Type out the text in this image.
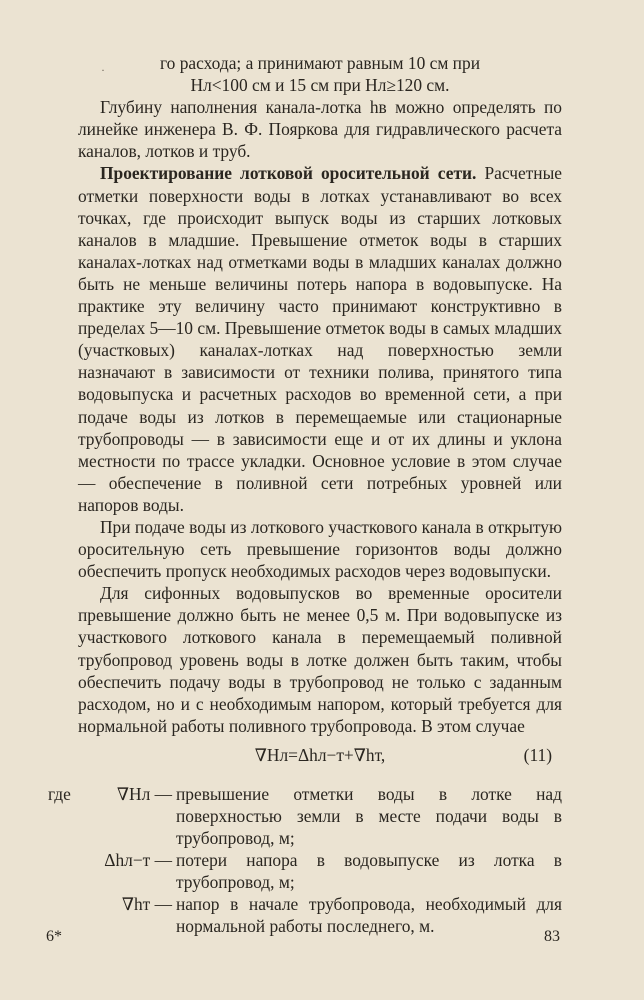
·	го расхода; a принимают равным 10 см при

Hл<100 см и 15 см при Hл≥120 см.

Глубину наполнения канала-лотка hв можно определять по линейке инженера В. Ф. Пояркова для гидравлического расчета каналов, лотков и труб.

Проектирование лотковой оросительной сети. Расчетные отметки поверхности воды в лотках устанавливают во всех точках, где происходит выпуск воды из старших лотковых каналов в младшие. Превышение отметок воды в старших каналах-лотках над отметками воды в младших каналах должно быть не меньше величины потерь напора в водовыпуске. На практике эту величину часто принимают конструктивно в пределах 5—10 см. Превышение отметок воды в самых младших (участковых) каналах-лотках над поверхностью земли назначают в зависимости от техники полива, принятого типа водовыпуска и расчетных расходов во временной сети, а при подаче воды из лотков в перемещаемые или стационарные трубопроводы — в зависимости еще и от их длины и уклона местности по трассе укладки. Основное условие в этом случае — обеспечение в поливной сети потребных уровней или напоров воды.

При подаче воды из лоткового участкового канала в открытую оросительную сеть превышение горизонтов воды должно обеспечить пропуск необходимых расходов через водовыпуски.

Для сифонных водовыпусков во временные оросители превышение должно быть не менее 0,5 м. При водовыпуске из участкового лоткового канала в перемещаемый поливной трубопровод уровень воды в лотке должен быть таким, чтобы обеспечить подачу воды в трубопровод не только с заданным расходом, но и с необходимым напором, который требуется для нормальной работы поливного трубопровода. В этом случае

∇Hл=Δhл−т+∇hт,	(11)
где	∇Hл — превышение отметки воды в лотке над поверхностью земли в месте подачи воды в трубопровод, м;
Δhл−т — потери напора в водовыпуске из лотка в трубопровод, м;
∇hт — напор в начале трубопровода, необходимый для нормальной работы последнего, м.
6*	83
